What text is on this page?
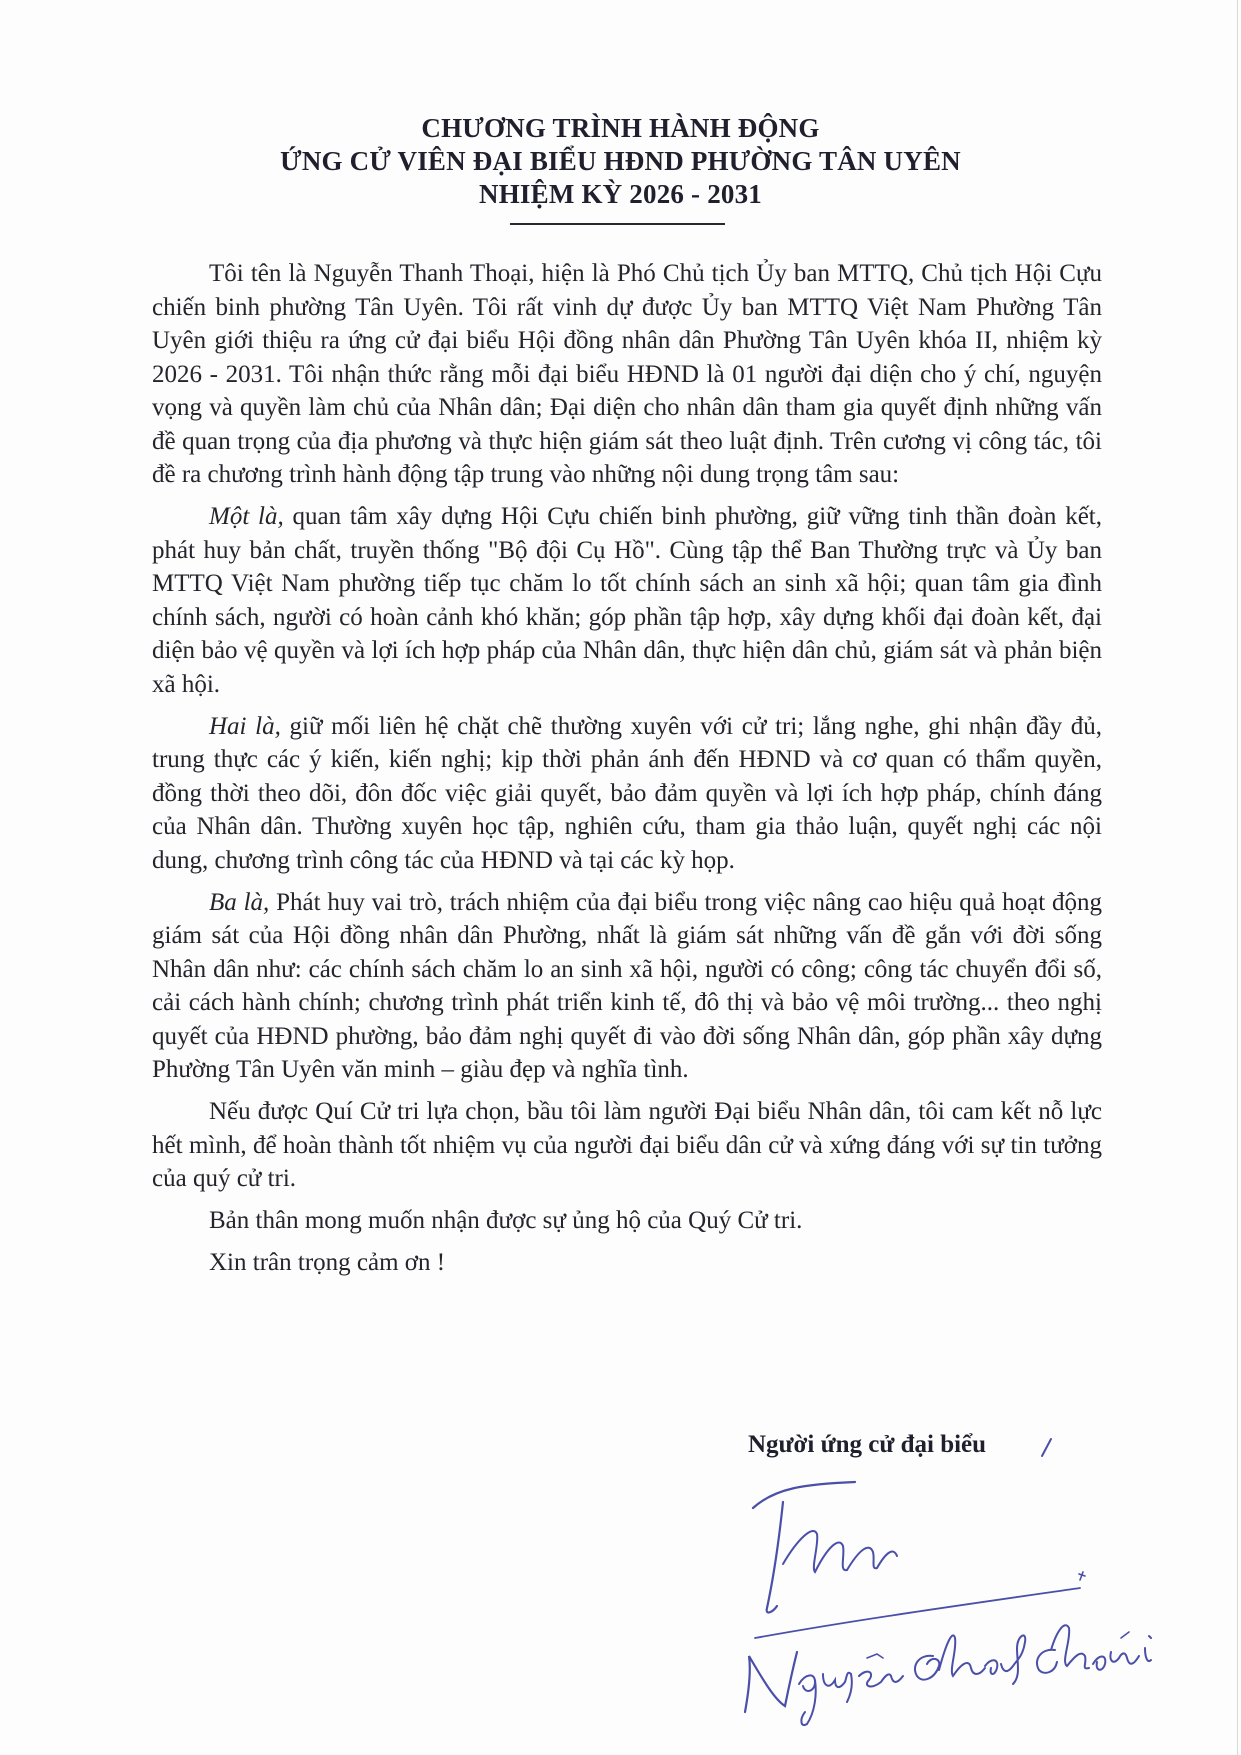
CHƯƠNG TRÌNH HÀNH ĐỘNG
ỨNG CỬ VIÊN ĐẠI BIỂU HĐND PHƯỜNG TÂN UYÊN
NHIỆM KỲ 2026 - 2031

Tôi tên là Nguyễn Thanh Thoại, hiện là Phó Chủ tịch Ủy ban MTTQ, Chủ tịch Hội Cựu chiến binh phường Tân Uyên. Tôi rất vinh dự được Ủy ban MTTQ Việt Nam Phường Tân Uyên giới thiệu ra ứng cử đại biểu Hội đồng nhân dân Phường Tân Uyên khóa II, nhiệm kỳ 2026 - 2031. Tôi nhận thức rằng mỗi đại biểu HĐND là 01 người đại diện cho ý chí, nguyện vọng và quyền làm chủ của Nhân dân; Đại diện cho nhân dân tham gia quyết định những vấn đề quan trọng của địa phương và thực hiện giám sát theo luật định. Trên cương vị công tác, tôi đề ra chương trình hành động tập trung vào những nội dung trọng tâm sau:

Một là, quan tâm xây dựng Hội Cựu chiến binh phường, giữ vững tinh thần đoàn kết, phát huy bản chất, truyền thống "Bộ đội Cụ Hồ". Cùng tập thể Ban Thường trực và Ủy ban MTTQ Việt Nam phường tiếp tục chăm lo tốt chính sách an sinh xã hội; quan tâm gia đình chính sách, người có hoàn cảnh khó khăn; góp phần tập hợp, xây dựng khối đại đoàn kết, đại diện bảo vệ quyền và lợi ích hợp pháp của Nhân dân, thực hiện dân chủ, giám sát và phản biện xã hội.

Hai là, giữ mối liên hệ chặt chẽ thường xuyên với cử tri; lắng nghe, ghi nhận đầy đủ, trung thực các ý kiến, kiến nghị; kịp thời phản ánh đến HĐND và cơ quan có thẩm quyền, đồng thời theo dõi, đôn đốc việc giải quyết, bảo đảm quyền và lợi ích hợp pháp, chính đáng của Nhân dân. Thường xuyên học tập, nghiên cứu, tham gia thảo luận, quyết nghị các nội dung, chương trình công tác của HĐND và tại các kỳ họp.

Ba là, Phát huy vai trò, trách nhiệm của đại biểu trong việc nâng cao hiệu quả hoạt động giám sát của Hội đồng nhân dân Phường, nhất là giám sát những vấn đề gắn với đời sống Nhân dân như: các chính sách chăm lo an sinh xã hội, người có công; công tác chuyển đổi số, cải cách hành chính; chương trình phát triển kinh tế, đô thị và bảo vệ môi trường... theo nghị quyết của HĐND phường, bảo đảm nghị quyết đi vào đời sống Nhân dân, góp phần xây dựng Phường Tân Uyên văn minh – giàu đẹp và nghĩa tình.

Nếu được Quí Cử tri lựa chọn, bầu tôi làm người Đại biểu Nhân dân, tôi cam kết nỗ lực hết mình, để hoàn thành tốt nhiệm vụ của người đại biểu dân cử và xứng đáng với sự tin tưởng của quý cử tri.

Bản thân mong muốn nhận được sự ủng hộ của Quý Cử tri.

Xin trân trọng cảm ơn !

Người ứng cử đại biểu
